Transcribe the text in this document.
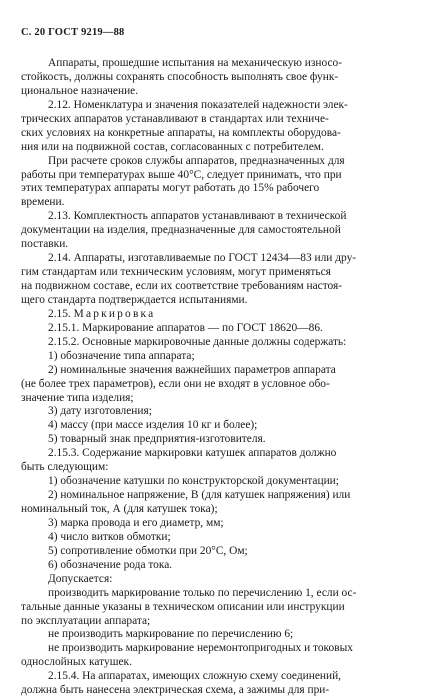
С. 20 ГОСТ 9219—88
Аппараты, прошедшие испытания на механическую износо-
стойкость, должны сохранять способность выполнять свое функ-
циональное назначение.
2.12. Номенклатура и значения показателей надежности элек-
трических аппаратов устанавливают в стандартах или техниче-
ских условиях на конкретные аппараты, на комплекты оборудова-
ния или на подвижной состав, согласованных с потребителем.
При расчете сроков службы аппаратов, предназначенных для
работы при температурах выше 40°С, следует принимать, что при
этих температурах аппараты могут работать до 15% рабочего
времени.
2.13. Комплектность аппаратов устанавливают в технической
документации на изделия, предназначенные для самостоятельной
поставки.
2.14. Аппараты, изготавливаемые по ГОСТ 12434—83 или дру-
гим стандартам или техническим условиям, могут применяться
на подвижном составе, если их соответствие требованиям настоя-
щего стандарта подтверждается испытаниями.
2.15. Маркировка
2.15.1. Маркирование аппаратов — по ГОСТ 18620—86.
2.15.2. Основные маркировочные данные должны содержать:
1) обозначение типа аппарата;
2) номинальные значения важнейших параметров аппарата
(не более трех параметров), если они не входят в условное обо-
значение типа изделия;
3) дату изготовления;
4) массу (при массе изделия 10 кг и более);
5) товарный знак предприятия-изготовителя.
2.15.3. Содержание маркировки катушек аппаратов должно
быть следующим:
1) обозначение катушки по конструкторской документации;
2) номинальное напряжение, В (для катушек напряжения) или
номинальный ток, А (для катушек тока);
3) марка провода и его диаметр, мм;
4) число витков обмотки;
5) сопротивление обмотки при 20°С, Ом;
6) обозначение рода тока.
Допускается:
производить маркирование только по перечислению 1, если ос-
тальные данные указаны в техническом описании или инструкции
по эксплуатации аппарата;
не производить маркирование по перечислению 6;
не производить маркирование неремонтопригодных и токовых
однослойных катушек.
2.15.4. На аппаратах, имеющих сложную схему соединений,
должна быть нанесена электрическая схема, а зажимы для при-
